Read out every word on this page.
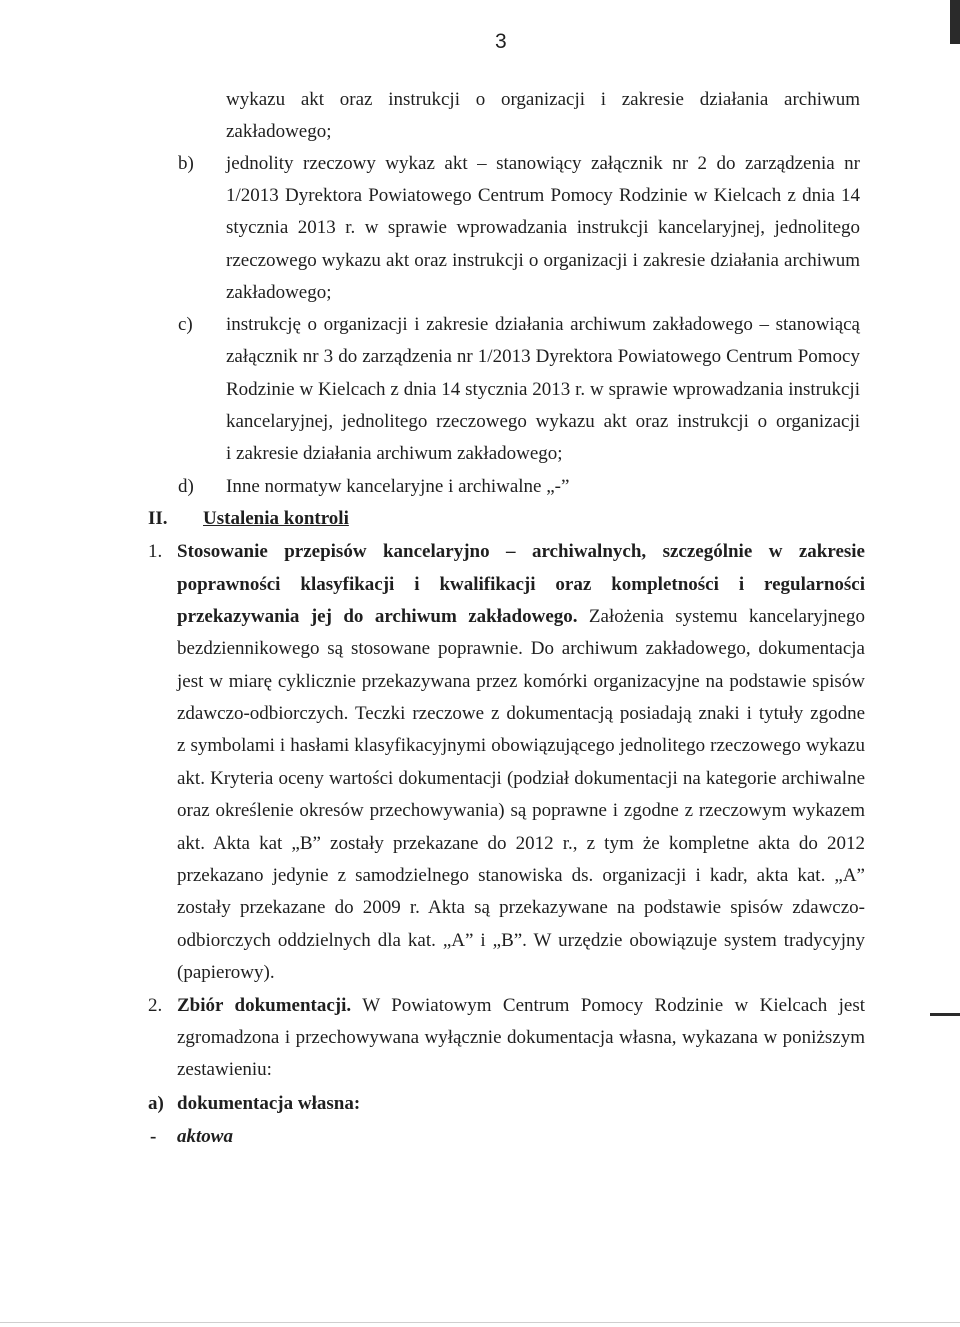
3
wykazu akt oraz instrukcji o organizacji i zakresie działania archiwum
zakładowego;
b) jednolity rzeczowy wykaz akt – stanowiący załącznik nr 2 do zarządzenia nr
1/2013 Dyrektora Powiatowego Centrum Pomocy Rodzinie w Kielcach z dnia 14
stycznia 2013 r. w sprawie wprowadzania instrukcji kancelaryjnej, jednolitego
rzeczowego wykazu akt oraz instrukcji o organizacji i zakresie działania archiwum
zakładowego;
c) instrukcję o organizacji i zakresie działania archiwum zakładowego – stanowiącą
załącznik nr 3 do zarządzenia nr 1/2013 Dyrektora Powiatowego Centrum Pomocy
Rodzinie w Kielcach z dnia 14 stycznia 2013 r. w sprawie wprowadzania instrukcji
kancelaryjnej, jednolitego rzeczowego wykazu akt oraz instrukcji o organizacji
i zakresie działania archiwum zakładowego;
d) Inne normatyw kancelaryjne i archiwalne „-”
II. Ustalenia kontroli
1. Stosowanie przepisów kancelaryjno – archiwalnych, szczególnie w zakresie
poprawności klasyfikacji i kwalifikacji oraz kompletności i regularności
przekazywania jej do archiwum zakładowego. Założenia systemu kancelaryjnego
bezdziennikowego są stosowane poprawnie. Do archiwum zakładowego, dokumentacja
jest w miarę cyklicznie przekazywana przez komórki organizacyjne na podstawie spisów
zdawczo-odbiorczych. Teczki rzeczowe z dokumentacją posiadają znaki i tytuły zgodne
z symbolami i hasłami klasyfikacyjnymi obowiązującego jednolitego rzeczowego wykazu
akt. Kryteria oceny wartości dokumentacji (podział dokumentacji na kategorie archiwalne
oraz określenie okresów przechowywania) są poprawne i zgodne z rzeczowym wykazem
akt. Akta kat „B” zostały przekazane do 2012 r., z tym że kompletne akta do 2012
przekazano jedynie z samodzielnego stanowiska ds. organizacji i kadr, akta kat. „A”
zostały przekazane do 2009 r. Akta są przekazywane na podstawie spisów zdawczo-
odbiorczych oddzielnych dla kat. „A” i „B”. W urzędzie obowiązuje system tradycyjny
(papierowy).
2. Zbiór dokumentacji. W Powiatowym Centrum Pomocy Rodzinie w Kielcach jest
zgromadzona i przechowywana wyłącznie dokumentacja własna, wykazana w poniższym
zestawieniu:
a) dokumentacja własna:
- aktowa
